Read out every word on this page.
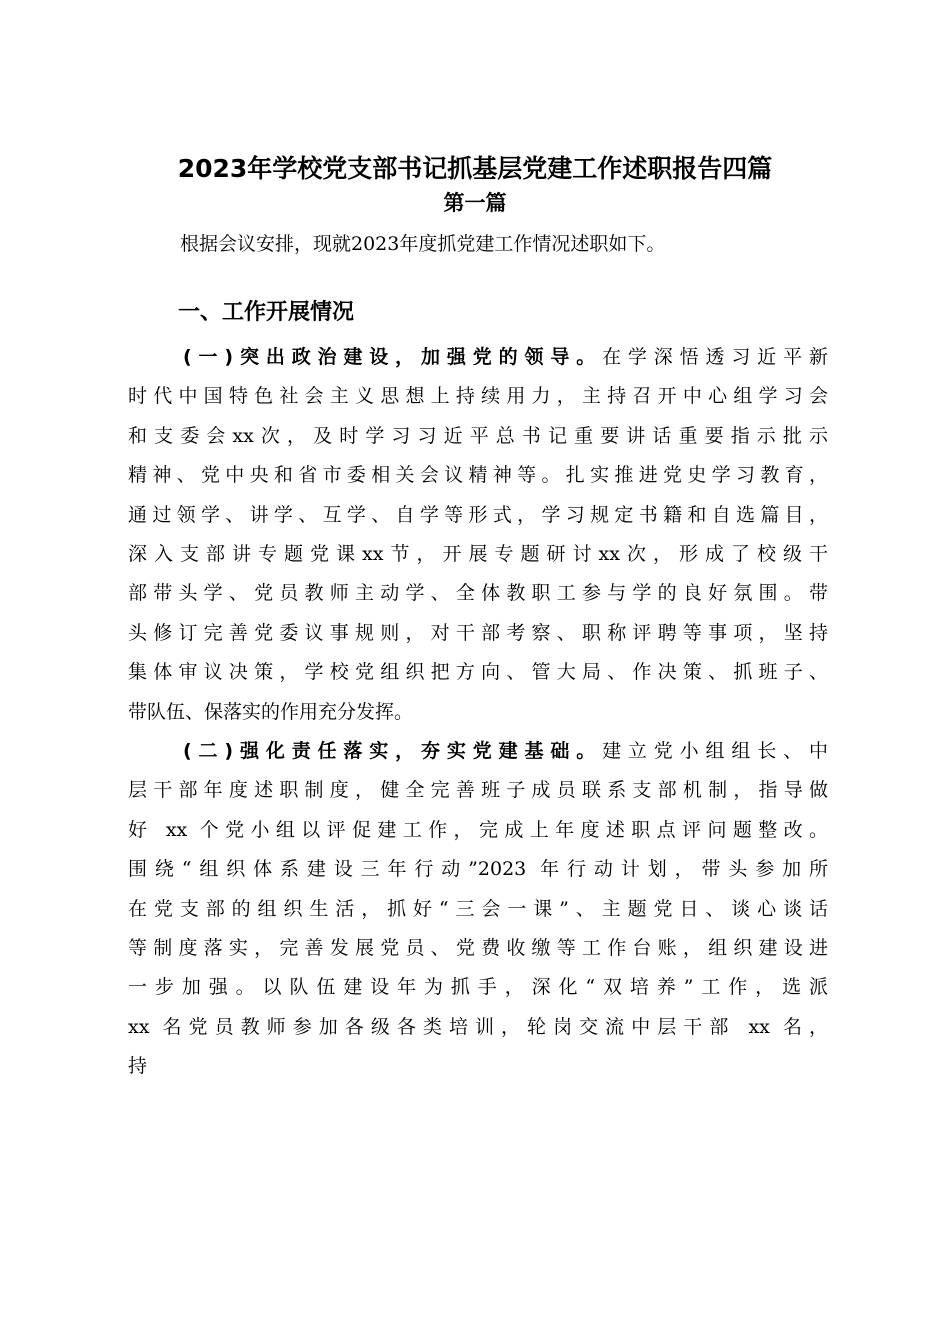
2023年学校党支部书记抓基层党建工作述职报告四篇
第一篇
根据会议安排，现就2023年度抓党建工作情况述职如下。
一、工作开展情况
(一)突出政治建设，加强党的领导。在学深悟透习近平新
时代中国特色社会主义思想上持续用力，主持召开中心组学习会
和支委会xx次，及时学习习近平总书记重要讲话重要指示批示
精神、党中央和省市委相关会议精神等。扎实推进党史学习教育，
通过领学、讲学、互学、自学等形式，学习规定书籍和自选篇目，
深入支部讲专题党课xx节，开展专题研讨xx次，形成了校级干
部带头学、党员教师主动学、全体教职工参与学的良好氛围。带
头修订完善党委议事规则，对干部考察、职称评聘等事项，坚持
集体审议决策，学校党组织把方向、管大局、作决策、抓班子、
带队伍、保落实的作用充分发挥。
(二)强化责任落实，夯实党建基础。建立党小组组长、中
层干部年度述职制度，健全完善班子成员联系支部机制，指导做
好 xx 个党小组以评促建工作，完成上年度述职点评问题整改。
围绕“组织体系建设三年行动”2023 年行动计划，带头参加所
在党支部的组织生活，抓好“三会一课”、主题党日、谈心谈话
等制度落实，完善发展党员、党费收缴等工作台账，组织建设进
一步加强。以队伍建设年为抓手，深化“双培养”工作，选派
xx 名党员教师参加各级各类培训，轮岗交流中层干部 xx 名，
持
